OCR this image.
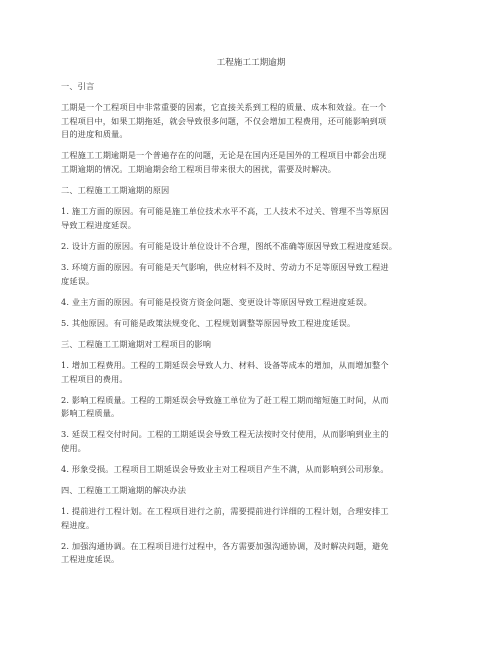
工程施工工期逾期
一、引言
工期是一个工程项目中非常重要的因素，它直接关系到工程的质量、成本和效益。在一个
工程项目中，如果工期拖延，就会导致很多问题，不仅会增加工程费用，还可能影响到项
目的进度和质量。
工程施工工期逾期是一个普遍存在的问题，无论是在国内还是国外的工程项目中都会出现
工期逾期的情况。工期逾期会给工程项目带来很大的困扰，需要及时解决。
二、工程施工工期逾期的原因
1. 施工方面的原因。有可能是施工单位技术水平不高，工人技术不过关、管理不当等原因
导致工程进度延误。
2. 设计方面的原因。有可能是设计单位设计不合理，图纸不准确等原因导致工程进度延误。
3. 环境方面的原因。有可能是天气影响，供应材料不及时、劳动力不足等原因导致工程进
度延误。
4. 业主方面的原因。有可能是投资方资金问题、变更设计等原因导致工程进度延误。
5. 其他原因。有可能是政策法规变化、工程规划调整等原因导致工程进度延误。
三、工程施工工期逾期对工程项目的影响
1. 增加工程费用。工程的工期延误会导致人力、材料、设备等成本的增加，从而增加整个
工程项目的费用。
2. 影响工程质量。工程的工期延误会导致施工单位为了赶工程工期而缩短施工时间，从而
影响工程质量。
3. 延误工程交付时间。工程的工期延误会导致工程无法按时交付使用，从而影响到业主的
使用。
4. 形象受损。工程项目工期延误会导致业主对工程项目产生不满，从而影响到公司形象。
四、工程施工工期逾期的解决办法
1. 提前进行工程计划。在工程项目进行之前，需要提前进行详细的工程计划，合理安排工
程进度。
2. 加强沟通协调。在工程项目进行过程中，各方需要加强沟通协调，及时解决问题，避免
工程进度延误。
